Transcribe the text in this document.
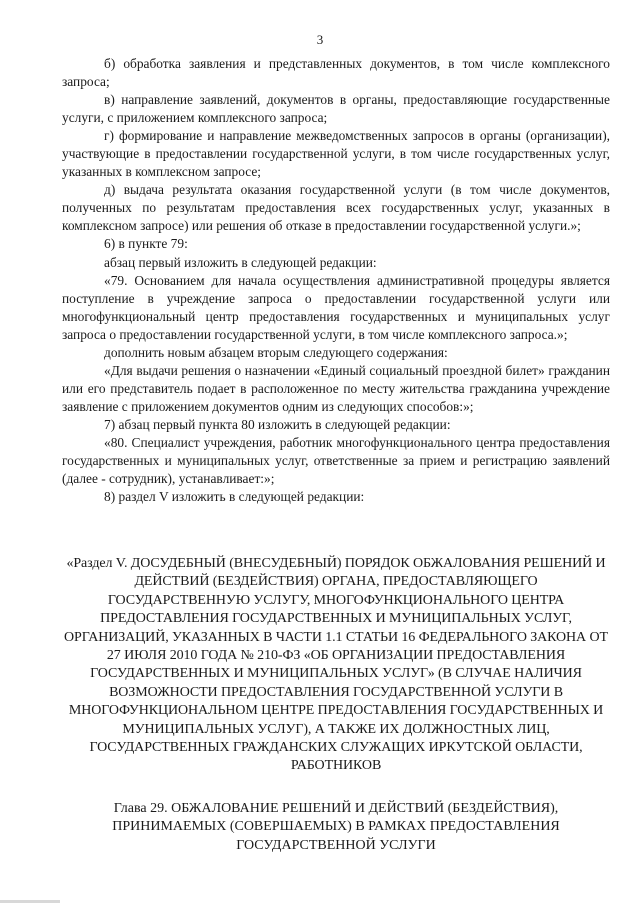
3

б) обработка заявления и представленных документов, в том числе комплексного запроса;

в) направление заявлений, документов в органы, предоставляющие государственные услуги, с приложением комплексного запроса;

г) формирование и направление межведомственных запросов в органы (организации), участвующие в предоставлении государственной услуги, в том числе государственных услуг, указанных в комплексном запросе;

д) выдача результата оказания государственной услуги (в том числе документов, полученных по результатам предоставления всех государственных услуг, указанных в комплексном запросе) или решения об отказе в предоставлении государственной услуги.»;

6) в пункте 79:

абзац первый изложить в следующей редакции:

«79. Основанием для начала осуществления административной процедуры является поступление в учреждение запроса о предоставлении государственной услуги или многофункциональный центр предоставления государственных и муниципальных услуг запроса о предоставлении государственной услуги, в том числе комплексного запроса.»;

дополнить новым абзацем вторым следующего содержания:

«Для выдачи решения о назначении «Единый социальный проездной билет» гражданин или его представитель подает в расположенное по месту жительства гражданина учреждение заявление с приложением документов одним из следующих способов:»;

7) абзац первый пункта 80 изложить в следующей редакции:

«80. Специалист учреждения, работник многофункционального центра предоставления государственных и муниципальных услуг, ответственные за прием и регистрацию заявлений (далее - сотрудник), устанавливает:»;

8) раздел V изложить в следующей редакции:

«Раздел V. ДОСУДЕБНЫЙ (ВНЕСУДЕБНЫЙ) ПОРЯДОК ОБЖАЛОВАНИЯ РЕШЕНИЙ И ДЕЙСТВИЙ (БЕЗДЕЙСТВИЯ) ОРГАНА, ПРЕДОСТАВЛЯЮЩЕГО ГОСУДАРСТВЕННУЮ УСЛУГУ, МНОГОФУНКЦИОНАЛЬНОГО ЦЕНТРА ПРЕДОСТАВЛЕНИЯ ГОСУДАРСТВЕННЫХ И МУНИЦИПАЛЬНЫХ УСЛУГ, ОРГАНИЗАЦИЙ, УКАЗАННЫХ В ЧАСТИ 1.1 СТАТЬИ 16 ФЕДЕРАЛЬНОГО ЗАКОНА ОТ 27 ИЮЛЯ 2010 ГОДА № 210-ФЗ «ОБ ОРГАНИЗАЦИИ ПРЕДОСТАВЛЕНИЯ ГОСУДАРСТВЕННЫХ И МУНИЦИПАЛЬНЫХ УСЛУГ» (В СЛУЧАЕ НАЛИЧИЯ ВОЗМОЖНОСТИ ПРЕДОСТАВЛЕНИЯ ГОСУДАРСТВЕННОЙ УСЛУГИ В МНОГОФУНКЦИОНАЛЬНОМ ЦЕНТРЕ ПРЕДОСТАВЛЕНИЯ ГОСУДАРСТВЕННЫХ И МУНИЦИПАЛЬНЫХ УСЛУГ), А ТАКЖЕ ИХ ДОЛЖНОСТНЫХ ЛИЦ, ГОСУДАРСТВЕННЫХ ГРАЖДАНСКИХ СЛУЖАЩИХ ИРКУТСКОЙ ОБЛАСТИ, РАБОТНИКОВ
Глава 29. ОБЖАЛОВАНИЕ РЕШЕНИЙ И ДЕЙСТВИЙ (БЕЗДЕЙСТВИЯ), ПРИНИМАЕМЫХ (СОВЕРШАЕМЫХ) В РАМКАХ ПРЕДОСТАВЛЕНИЯ ГОСУДАРСТВЕННОЙ УСЛУГИ
